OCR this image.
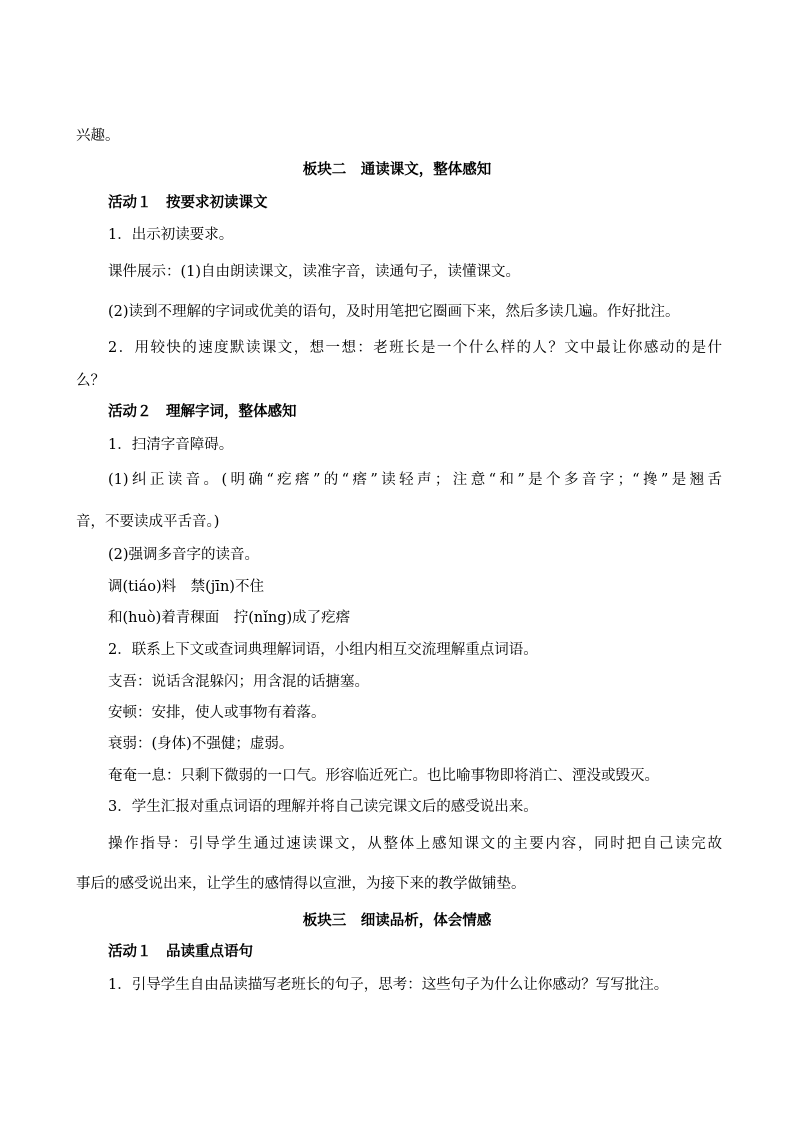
兴趣。
板块二　通读课文，整体感知
活动１　按要求初读课文
1．出示初读要求。
课件展示：(1)自由朗读课文，读准字音，读通句子，读懂课文。
(2)读到不理解的字词或优美的语句，及时用笔把它圈画下来，然后多读几遍。作好批注。
2．用较快的速度默读课文，想一想：老班长是一个什么样的人？文中最让你感动的是什
么？
活动２　理解字词，整体感知
1．扫清字音障碍。
(1)纠正读音。(明确“疙瘩”的“瘩”读轻声；注意“和”是个多音字；“搀”是翘舌
音，不要读成平舌音。)
(2)强调多音字的读音。
调(tiáo)料　禁(jīn)不住
和(huò)着青稞面　拧(nǐng)成了疙瘩
2．联系上下文或查词典理解词语，小组内相互交流理解重点词语。
支吾：说话含混躲闪；用含混的话搪塞。
安顿：安排，使人或事物有着落。
衰弱：(身体)不强健；虚弱。
奄奄一息：只剩下微弱的一口气。形容临近死亡。也比喻事物即将消亡、湮没或毁灭。
3．学生汇报对重点词语的理解并将自己读完课文后的感受说出来。
操作指导：引导学生通过速读课文，从整体上感知课文的主要内容，同时把自己读完故
事后的感受说出来，让学生的感情得以宣泄，为接下来的教学做铺垫。
板块三　细读品析，体会情感
活动１　品读重点语句
1．引导学生自由品读描写老班长的句子，思考：这些句子为什么让你感动？写写批注。
